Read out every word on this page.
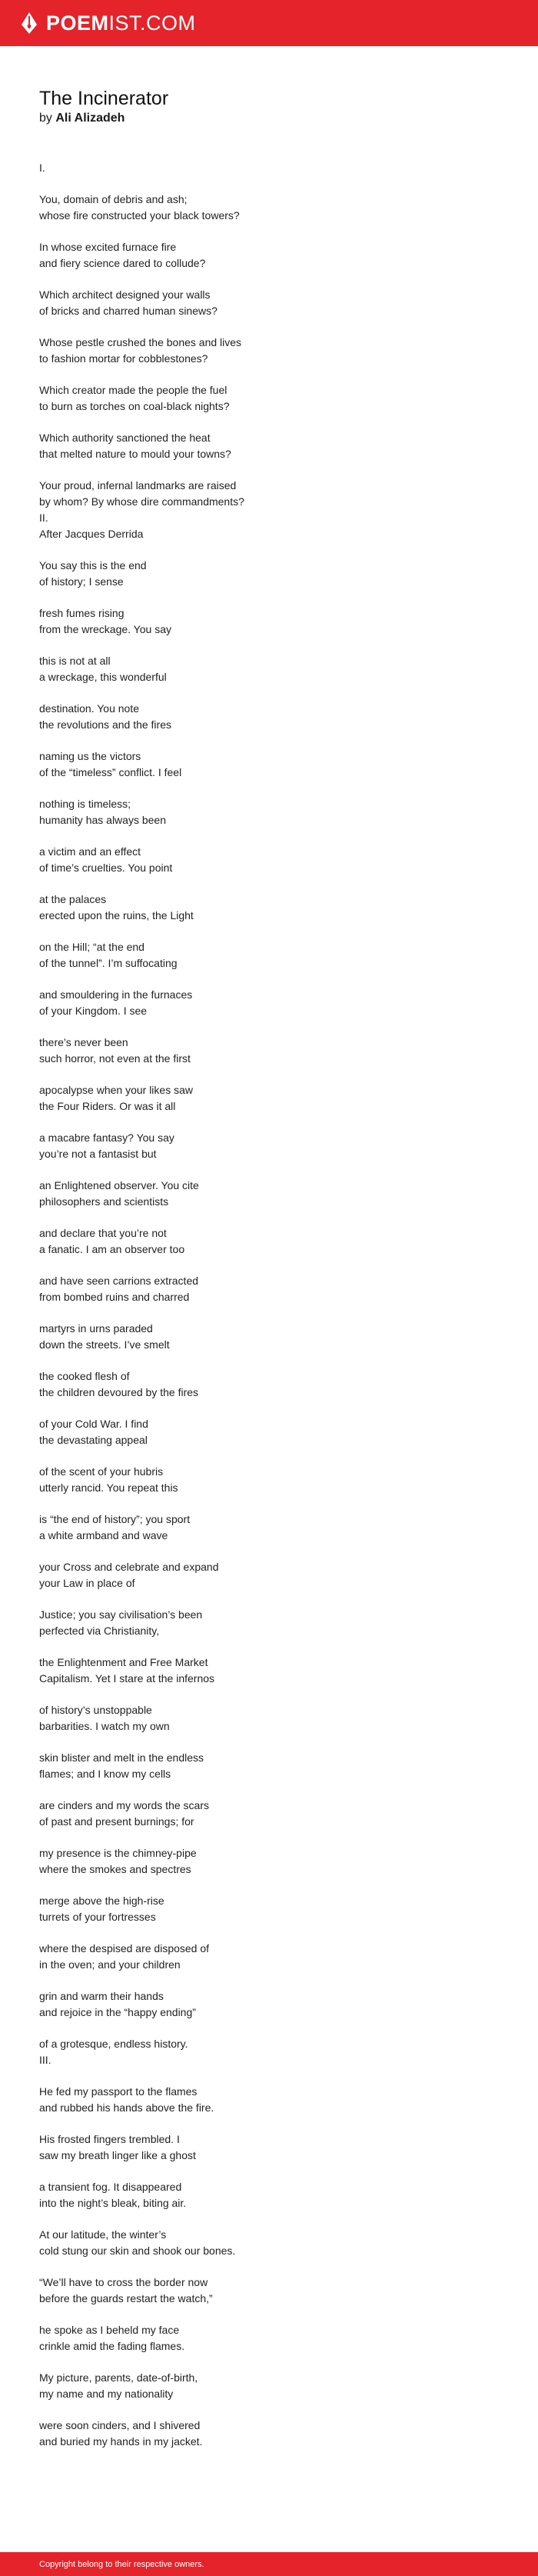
POEMIST.COM
The Incinerator
by Ali Alizadeh
I.
You, domain of debris and ash;
whose fire constructed your black towers?
In whose excited furnace fire
and fiery science dared to collude?
Which architect designed your walls
of bricks and charred human sinews?
Whose pestle crushed the bones and lives
to fashion mortar for cobblestones?
Which creator made the people the fuel
to burn as torches on coal-black nights?
Which authority sanctioned the heat
that melted nature to mould your towns?
Your proud, infernal landmarks are raised
by whom? By whose dire commandments?
II.
After Jacques Derrida
You say this is the end
of history; I sense
fresh fumes rising
from the wreckage. You say
this is not at all
a wreckage, this wonderful
destination. You note
the revolutions and the fires
naming us the victors
of the “timeless” conflict. I feel
nothing is timeless;
humanity has always been
a victim and an effect
of time’s cruelties. You point
at the palaces
erected upon the ruins, the Light
on the Hill; “at the end
of the tunnel”. I’m suffocating
and smouldering in the furnaces
of your Kingdom. I see
there’s never been
such horror, not even at the first
apocalypse when your likes saw
the Four Riders. Or was it all
a macabre fantasy? You say
you’re not a fantasist but
an Enlightened observer. You cite
philosophers and scientists
and declare that you’re not
a fanatic. I am an observer too
and have seen carrions extracted
from bombed ruins and charred
martyrs in urns paraded
down the streets. I’ve smelt
the cooked flesh of
the children devoured by the fires
of your Cold War. I find
the devastating appeal
of the scent of your hubris
utterly rancid. You repeat this
is “the end of history”; you sport
a white armband and wave
your Cross and celebrate and expand
your Law in place of
Justice; you say civilisation’s been
perfected via Christianity,
the Enlightenment and Free Market
Capitalism. Yet I stare at the infernos
of history’s unstoppable
barbarities. I watch my own
skin blister and melt in the endless
flames; and I know my cells
are cinders and my words the scars
of past and present burnings; for
my presence is the chimney-pipe
where the smokes and spectres
merge above the high-rise
turrets of your fortresses
where the despised are disposed of
in the oven; and your children
grin and warm their hands
and rejoice in the “happy ending”
of a grotesque, endless history.
III.
He fed my passport to the flames
and rubbed his hands above the fire.
His frosted fingers trembled. I
saw my breath linger like a ghost
a transient fog. It disappeared
into the night’s bleak, biting air.
At our latitude, the winter’s
cold stung our skin and shook our bones.
“We’ll have to cross the border now
before the guards restart the watch,”
he spoke as I beheld my face
crinkle amid the fading flames.
My picture, parents, date-of-birth,
my name and my nationality
were soon cinders, and I shivered
and buried my hands in my jacket.
Copyright belong to their respective owners.
